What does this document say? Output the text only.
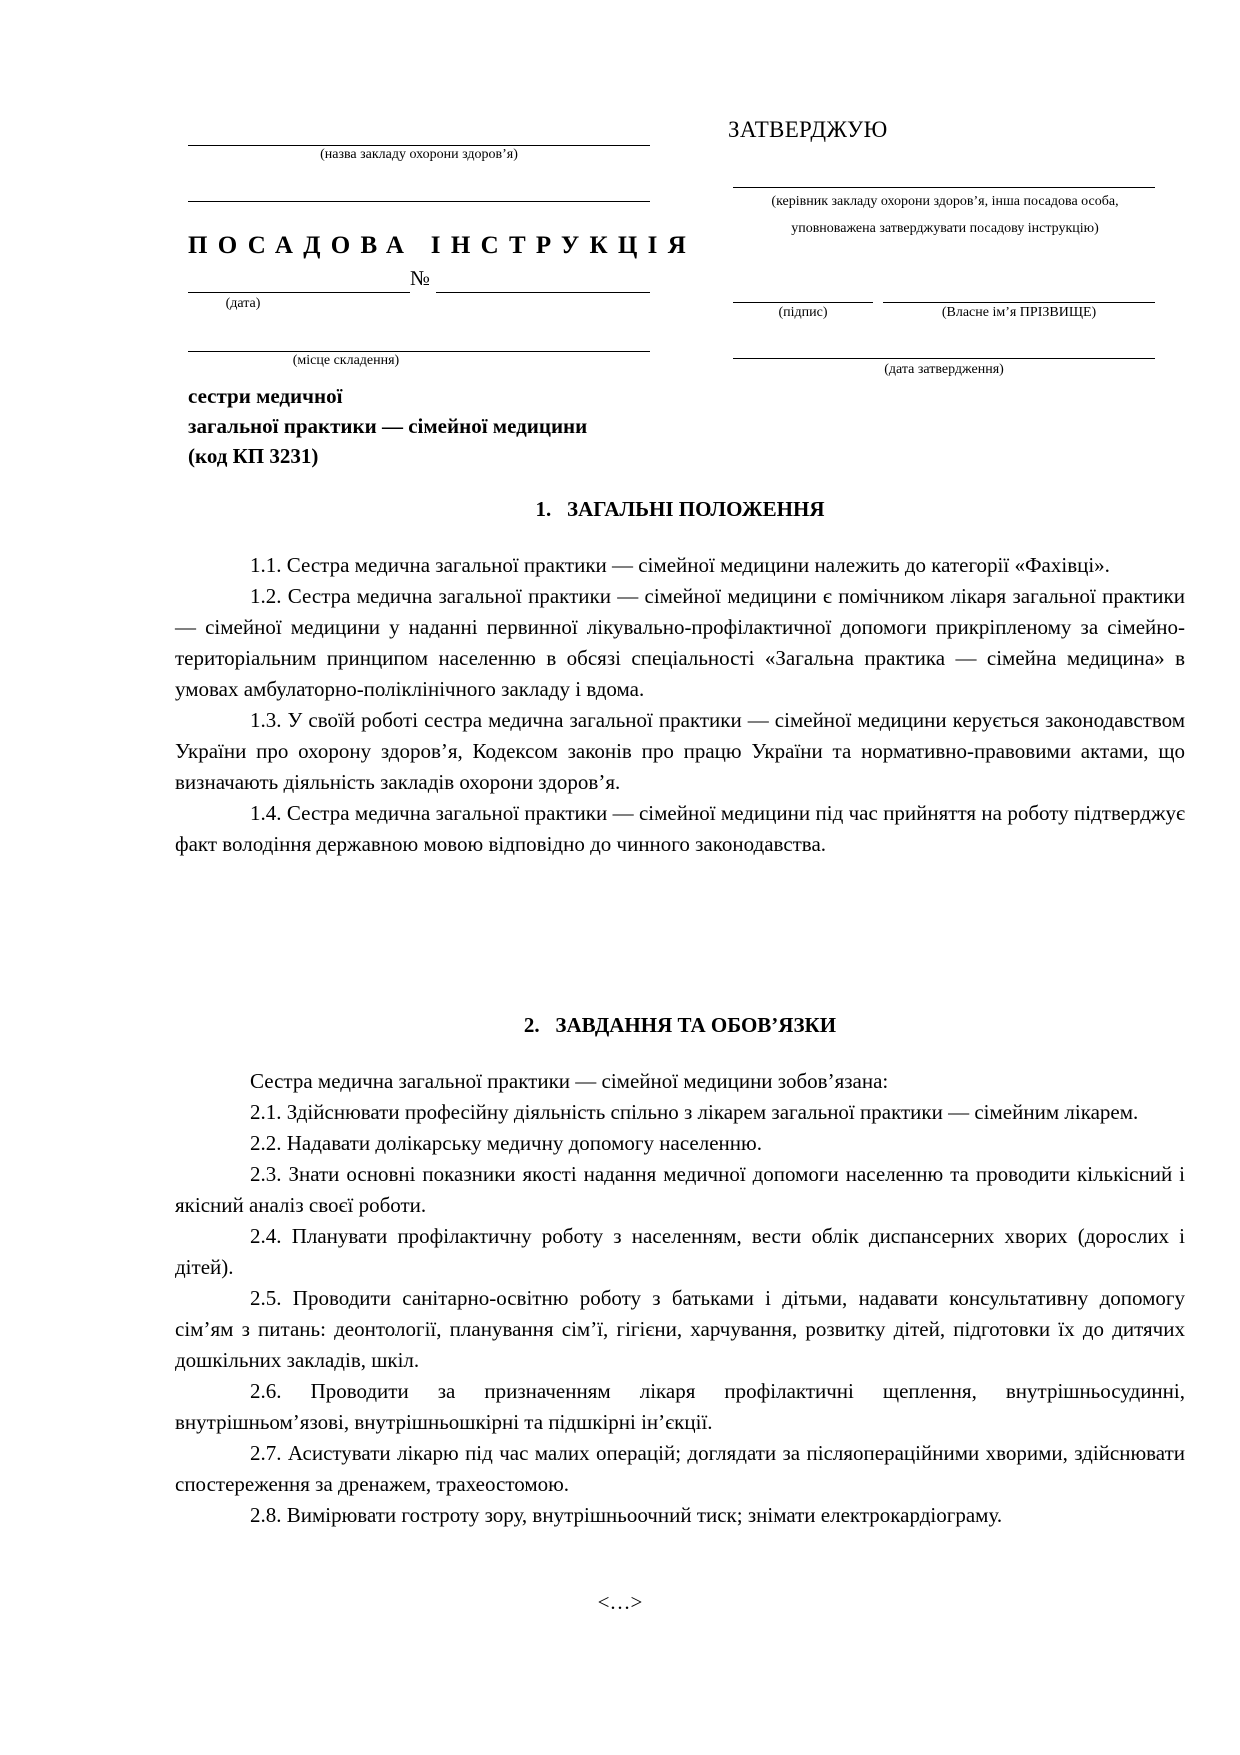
(назва закладу охорони здоров’я)
ПОСАДОВА ІНСТРУКЦІЯ
№
(дата)
(місце складення)
ЗАТВЕРДЖУЮ
(керівник закладу охорони здоров’я, інша посадова особа, уповноважена затверджувати посадову інструкцію)
(підпис)	(Власне ім’я ПРІЗВИЩЕ)
(дата затвердження)
сестри медичної
загальної практики — сімейної медицини
(код КП 3231)
1.   ЗАГАЛЬНІ ПОЛОЖЕННЯ

1.1. Сестра медична загальної практики — сімейної медицини належить до категорії «Фахівці».

1.2. Сестра медична загальної практики — сімейної медицини є помічником лікаря загальної практики — сімейної медицини у наданні первинної лікувально-профілактичної допомоги прикріпленому за сімейно-територіальним принципом населенню в обсязі спеціальності «Загальна практика — сімейна медицина» в умовах амбулаторно-поліклінічного закладу і вдома.

1.3. У своїй роботі сестра медична загальної практики — сімейної медицини керується законодавством України про охорону здоров’я, Кодексом законів про працю України та нормативно-правовими актами, що визначають діяльність закладів охорони здоров’я.

1.4. Сестра медична загальної практики — сімейної медицини під час прийняття на роботу підтверджує факт володіння державною мовою відповідно до чинного законодавства.

2.   ЗАВДАННЯ ТА ОБОВ’ЯЗКИ

Сестра медична загальної практики — сімейної медицини зобов’язана:

2.1. Здійснювати професійну діяльність спільно з лікарем загальної практики — сімейним лікарем.

2.2. Надавати долікарську медичну допомогу населенню.

2.3. Знати основні показники якості надання медичної допомоги населенню та проводити кількісний і якісний аналіз своєї роботи.

2.4. Планувати профілактичну роботу з населенням, вести облік диспансерних хворих (дорослих і дітей).

2.5. Проводити санітарно-освітню роботу з батьками і дітьми, надавати консультативну допомогу сім’ям з питань: деонтології, планування сім’ї, гігієни, харчування, розвитку дітей, підготовки їх до дитячих дошкільних закладів, шкіл.

2.6. Проводити за призначенням лікаря профілактичні щеплення, внутрішньосудинні, внутрішньом’язові, внутрішньошкірні та підшкірні ін’єкції.

2.7. Асистувати лікарю під час малих операцій; доглядати за післяопераційними хворими, здійснювати спостереження за дренажем, трахеостомою.

2.8. Вимірювати гостроту зору, внутрішньоочний тиск; знімати електрокардіограму.

<…>
